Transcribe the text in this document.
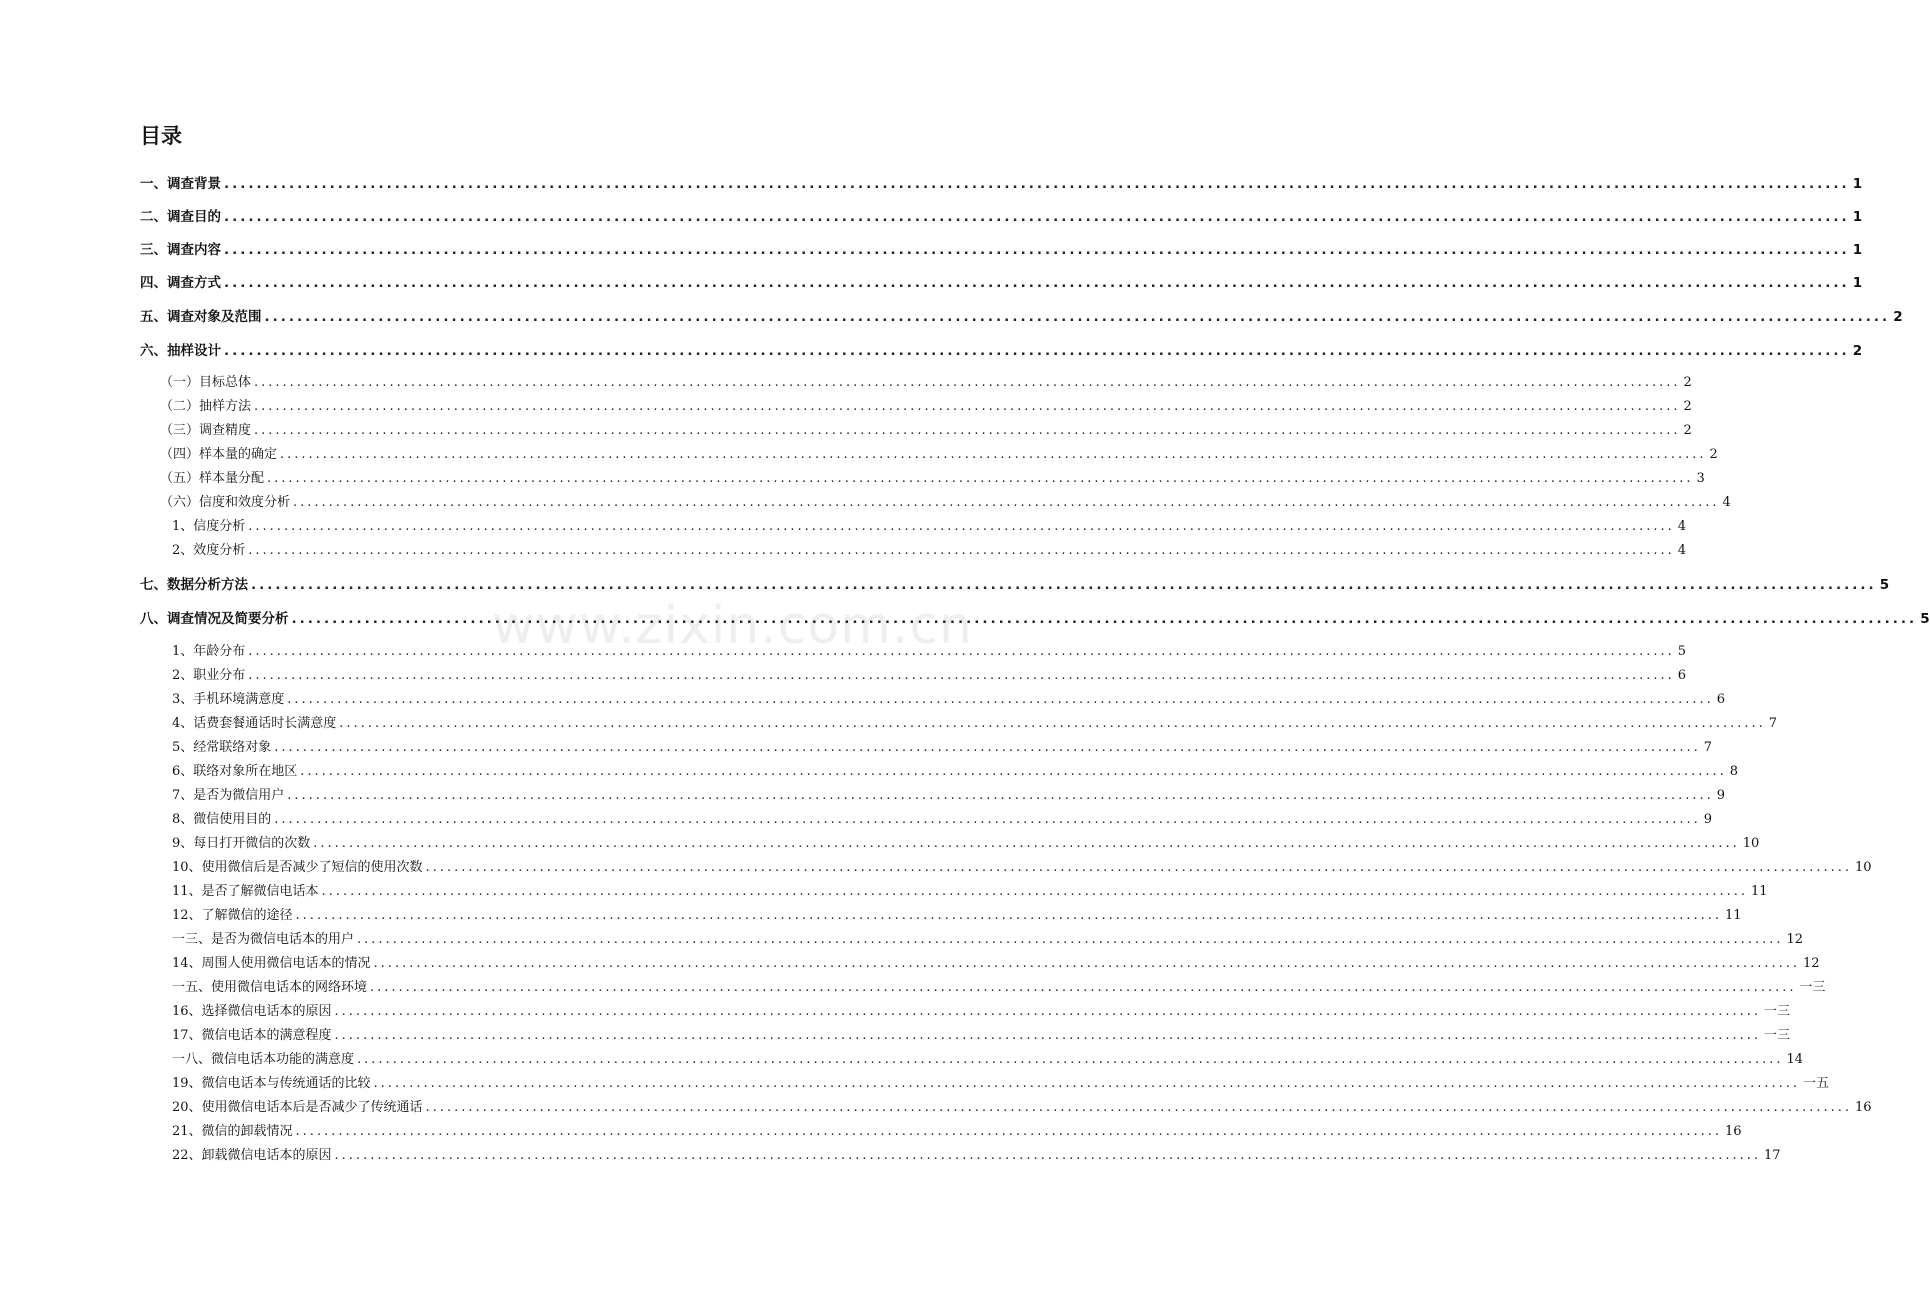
目录
www.zixin.com.cn
一、调查背景 ........................................................................................................................................................................................................ 1
二、调查目的 ........................................................................................................................................................................................................ 1
三、调查内容 ........................................................................................................................................................................................................ 1
四、调查方式 ........................................................................................................................................................................................................ 1
五、调查对象及范围 ........................................................................................................................................................................................................ 2
六、抽样设计 ........................................................................................................................................................................................................ 2
（一）目标总体 ........................................................................................................................................................................................................ 2
（二）抽样方法 ........................................................................................................................................................................................................ 2
（三）调查精度 ........................................................................................................................................................................................................ 2
（四）样本量的确定 ........................................................................................................................................................................................................ 2
（五）样本量分配 ........................................................................................................................................................................................................ 3
（六）信度和效度分析 ........................................................................................................................................................................................................ 4
1、信度分析 ........................................................................................................................................................................................................ 4
2、效度分析 ........................................................................................................................................................................................................ 4
七、数据分析方法 ........................................................................................................................................................................................................ 5
八、调查情况及简要分析 ........................................................................................................................................................................................................ 5
1、年龄分布 ........................................................................................................................................................................................................ 5
2、职业分布 ........................................................................................................................................................................................................ 6
3、手机环境满意度 ........................................................................................................................................................................................................ 6
4、话费套餐通话时长满意度 ........................................................................................................................................................................................................ 7
5、经常联络对象 ........................................................................................................................................................................................................ 7
6、联络对象所在地区 ........................................................................................................................................................................................................ 8
7、是否为微信用户 ........................................................................................................................................................................................................ 9
8、微信使用目的 ........................................................................................................................................................................................................ 9
9、每日打开微信的次数 ........................................................................................................................................................................................................ 10
10、使用微信后是否减少了短信的使用次数 ........................................................................................................................................................................................................ 10
11、是否了解微信电话本 ........................................................................................................................................................................................................ 11
12、了解微信的途径 ........................................................................................................................................................................................................ 11
一三、是否为微信电话本的用户 ........................................................................................................................................................................................................ 12
14、周围人使用微信电话本的情况 ........................................................................................................................................................................................................ 12
一五、使用微信电话本的网络环境 ........................................................................................................................................................................................................ 一三
16、选择微信电话本的原因 ........................................................................................................................................................................................................ 一三
17、微信电话本的满意程度 ........................................................................................................................................................................................................ 一三
一八、微信电话本功能的满意度 ........................................................................................................................................................................................................ 14
19、微信电话本与传统通话的比较 ........................................................................................................................................................................................................ 一五
20、使用微信电话本后是否减少了传统通话 ........................................................................................................................................................................................................ 16
21、微信的卸载情况 ........................................................................................................................................................................................................ 16
22、卸载微信电话本的原因 ........................................................................................................................................................................................................ 17
